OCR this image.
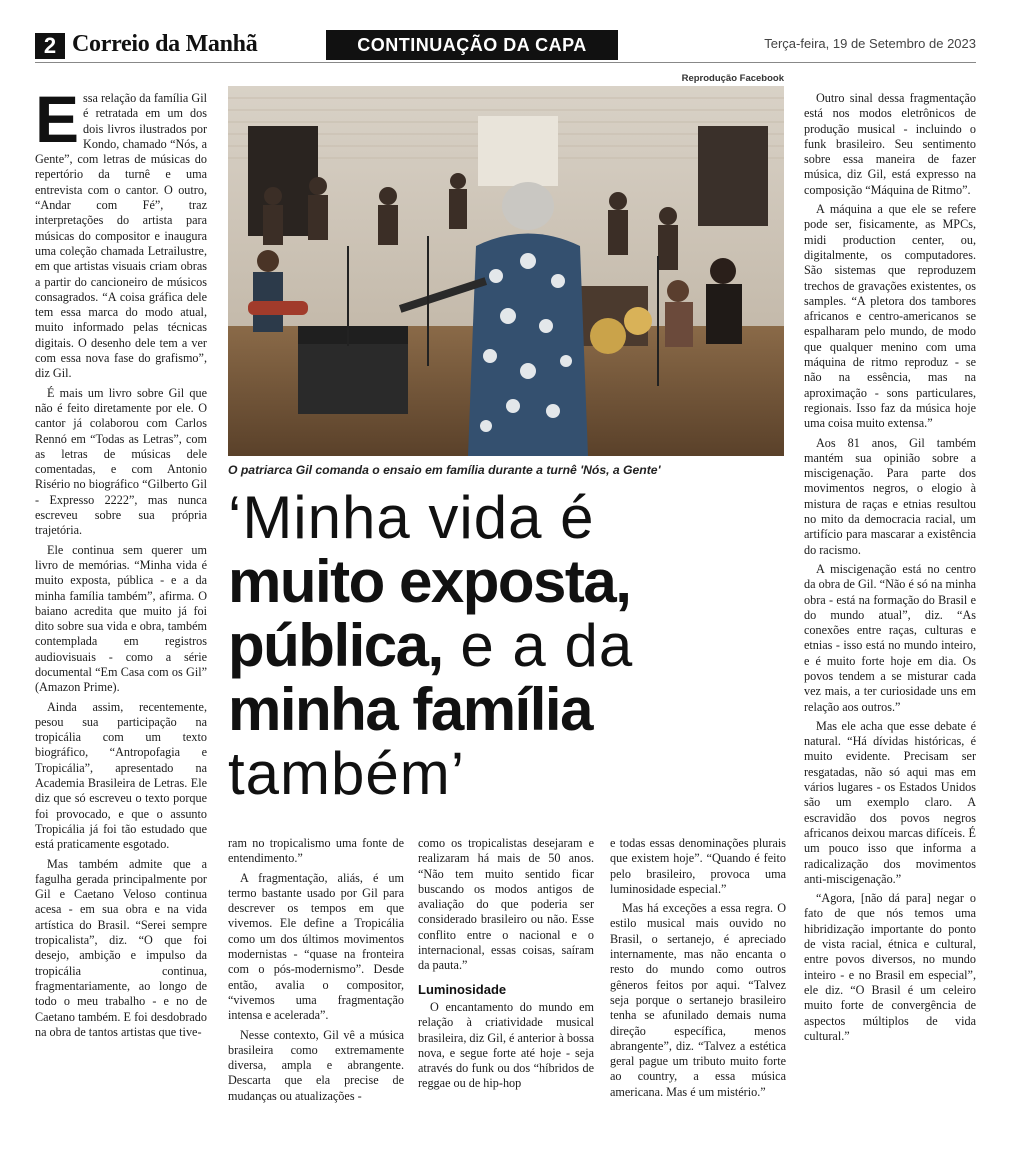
2 Correio da Manhã	CONTINUAÇÃO DA CAPA	Terça-feira, 19 de Setembro de 2023

Essa relação da família Gil é retratada em um dos dois livros ilustrados por Kondo, chamado “Nós, a Gente”, com letras de músicas do repertório da turnê e uma entrevista com o cantor. O outro, “Andar com Fé”, traz interpretações do artista para músicas do compositor e inaugura uma coleção chamada Letrailustre, em que artistas visuais criam obras a partir do cancioneiro de músicos consagrados. “A coisa gráfica dele tem essa marca do modo atual, muito informado pelas técnicas digitais. O desenho dele tem a ver com essa nova fase do grafismo”, diz Gil.

É mais um livro sobre Gil que não é feito diretamente por ele. O cantor já colaborou com Carlos Rennó em “Todas as Letras”, com as letras de músicas dele comentadas, e com Antonio Risério no biográfico “Gilberto Gil - Expresso 2222”, mas nunca escreveu sobre sua própria trajetória.

Ele continua sem querer um livro de memórias. “Minha vida é muito exposta, pública - e a da minha família também”, afirma. O baiano acredita que muito já foi dito sobre sua vida e obra, também contemplada em registros audiovisuais - como a série documental “Em Casa com os Gil” (Amazon Prime).

Ainda assim, recentemente, pesou sua participação na tropicália com um texto biográfico, “Antropofagia e Tropicália”, apresentado na Academia Brasileira de Letras. Ele diz que só escreveu o texto porque foi provocado, e que o assunto Tropicália já foi tão estudado que está praticamente esgotado.

Mas também admite que a fagulha gerada principalmente por Gil e Caetano Veloso continua acesa - em sua obra e na vida artística do Brasil. “Serei sempre tropicalista”, diz. “O que foi desejo, ambição e impulso da tropicália continua, fragmentariamente, ao longo de todo o meu trabalho - e no de Caetano também. E foi desdobrado na obra de tantos artistas que tive-

Reprodução Facebook
O patriarca Gil comanda o ensaio em família durante a turnê 'Nós, a Gente'
‘Minha vida é
muito exposta,
pública, e a da
minha família
também’

ram no tropicalismo uma fonte de entendimento.”

A fragmentação, aliás, é um termo bastante usado por Gil para descrever os tempos em que vivemos. Ele define a Tropicália como um dos últimos movimentos modernistas - “quase na fronteira com o pós-modernismo”. Desde então, avalia o compositor, “vivemos uma fragmentação intensa e acelerada”.

Nesse contexto, Gil vê a música brasileira como extremamente diversa, ampla e abrangente. Descarta que ela precise de mudanças ou atualizações -

como os tropicalistas desejaram e realizaram há mais de 50 anos. “Não tem muito sentido ficar buscando os modos antigos de avaliação do que poderia ser considerado brasileiro ou não. Esse conflito entre o nacional e o internacional, essas coisas, saíram da pauta.”

Luminosidade

O encantamento do mundo em relação à criatividade musical brasileira, diz Gil, é anterior à bossa nova, e segue forte até hoje - seja através do funk ou dos “híbridos de reggae ou de hip-hop

e todas essas denominações plurais que existem hoje”. “Quando é feito pelo brasileiro, provoca uma luminosidade especial.”

Mas há exceções a essa regra. O estilo musical mais ouvido no Brasil, o sertanejo, é apreciado internamente, mas não encanta o resto do mundo como outros gêneros feitos por aqui. “Talvez seja porque o sertanejo brasileiro tenha se afunilado demais numa direção específica, menos abrangente”, diz. “Talvez a estética geral pague um tributo muito forte ao country, a essa música americana. Mas é um mistério.”

Outro sinal dessa fragmentação está nos modos eletrônicos de produção musical - incluindo o funk brasileiro. Seu sentimento sobre essa maneira de fazer música, diz Gil, está expresso na composição “Máquina de Ritmo”.

A máquina a que ele se refere pode ser, fisicamente, as MPCs, midi production center, ou, digitalmente, os computadores. São sistemas que reproduzem trechos de gravações existentes, os samples. “A pletora dos tambores africanos e centro-americanos se espalharam pelo mundo, de modo que qualquer menino com uma máquina de ritmo reproduz - se não na essência, mas na aproximação - sons particulares, regionais. Isso faz da música hoje uma coisa muito extensa.”

Aos 81 anos, Gil também mantém sua opinião sobre a miscigenação. Para parte dos movimentos negros, o elogio à mistura de raças e etnias resultou no mito da democracia racial, um artifício para mascarar a existência do racismo.

A miscigenação está no centro da obra de Gil. “Não é só na minha obra - está na formação do Brasil e do mundo atual”, diz. “As conexões entre raças, culturas e etnias - isso está no mundo inteiro, e é muito forte hoje em dia. Os povos tendem a se misturar cada vez mais, a ter curiosidade uns em relação aos outros.”

Mas ele acha que esse debate é natural. “Há dívidas históricas, é muito evidente. Precisam ser resgatadas, não só aqui mas em vários lugares - os Estados Unidos são um exemplo claro. A escravidão dos povos negros africanos deixou marcas difíceis. É um pouco isso que informa a radicalização dos movimentos anti-miscigenação.”

“Agora, [não dá para] negar o fato de que nós temos uma hibridização importante do ponto de vista racial, étnica e cultural, entre povos diversos, no mundo inteiro - e no Brasil em especial”, ele diz. “O Brasil é um celeiro muito forte de convergência de aspectos múltiplos de vida cultural.”
